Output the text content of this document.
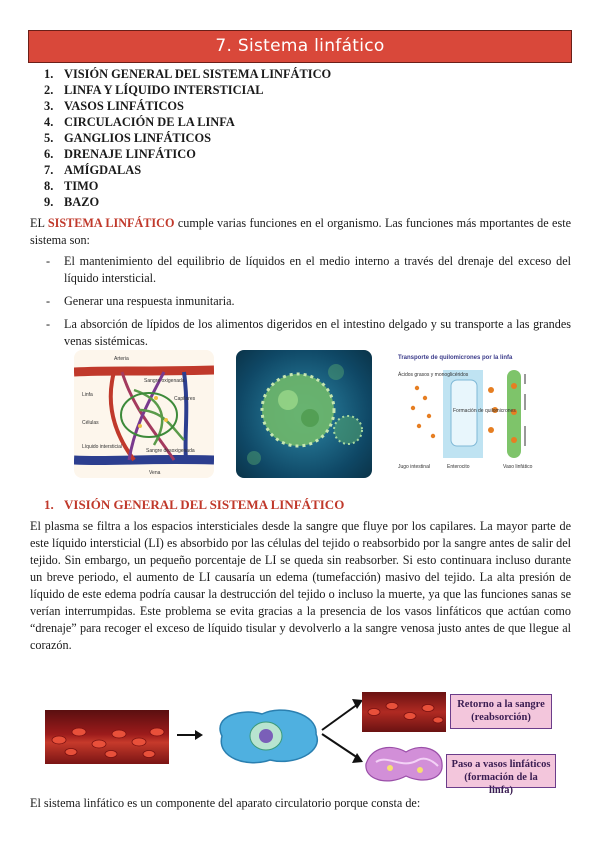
7. Sistema linfático
1. VISIÓN GENERAL DEL SISTEMA LINFÁTICO
2. LINFA Y LÍQUIDO INTERSTICIAL
3. VASOS LINFÁTICOS
4. CIRCULACIÓN DE LA LINFA
5. GANGLIOS LINFÁTICOS
6. DRENAJE LINFÁTICO
7. AMÍGDALAS
8. TIMO
9. BAZO

EL SISTEMA LINFÁTICO cumple varias funciones en el organismo. Las funciones más mportantes de este sistema son:

- El mantenimiento del equilibrio de líquidos en el medio interno a través del drenaje del exceso del líquido intersticial.
- Generar una respuesta inmunitaria.
- La absorción de lípidos de los alimentos digeridos en el intestino delgado y su transporte a las grandes venas sistémicas.
Arteria
Sangre oxigenada
Linfa
Capilares
Células
Líquido intersticial
Sangre desoxigenada
Vena
Transporte de quilomicrones por la linfa
Ácidos grasos y monoglicéridos
Formación de quilomicrones
Jugo intestinal	Enterocito	Vaso linfático
1. VISIÓN GENERAL DEL SISTEMA LINFÁTICO

El plasma se filtra a los espacios intersticiales desde la sangre que fluye por los capilares. La mayor parte de este líquido intersticial (LI) es absorbido por las células del tejido o reabsorbido por la sangre antes de salir del tejido. Sin embargo, un pequeño porcentaje de LI se queda sin reabsorber. Si esto continuara incluso durante un breve periodo, el aumento de LI causaría un edema (tumefacción) masivo del tejido. La alta presión de líquido de este edema podría causar la destrucción del tejido o incluso la muerte, ya que las funciones sanas se verían interrumpidas. Este problema se evita gracias a la presencia de los vasos linfáticos que actúan como “drenaje” para recoger el exceso de líquido tisular y devolverlo a la sangre venosa justo antes de que llegue al corazón.

Retorno a la sangre
(reabsorción)
Paso a vasos linfáticos
(formación de la linfa)

El sistema linfático es un componente del aparato circulatorio porque consta de:
